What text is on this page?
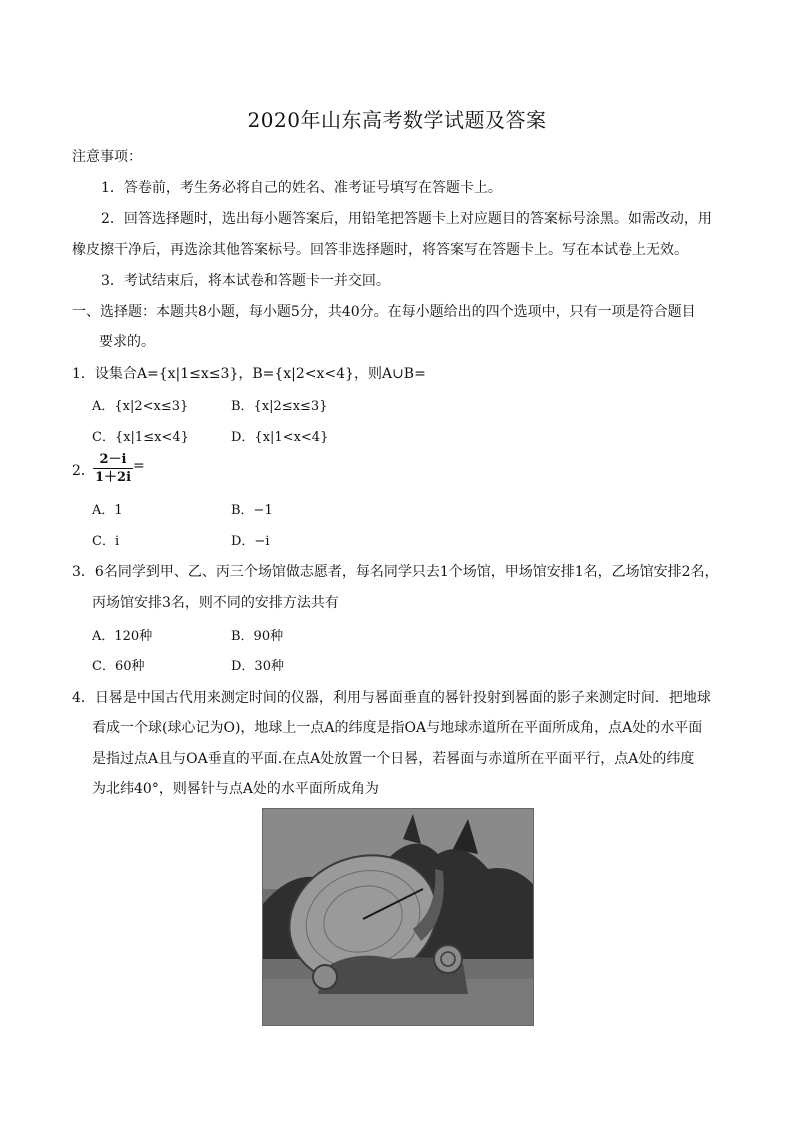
2020年山东高考数学试题及答案
注意事项：
1．答卷前，考生务必将自己的姓名、准考证号填写在答题卡上。
2．回答选择题时，选出每小题答案后，用铅笔把答题卡上对应题目的答案标号涂黑。如需改动，用
橡皮擦干净后，再选涂其他答案标号。回答非选择题时，将答案写在答题卡上。写在本试卷上无效。
3．考试结束后，将本试卷和答题卡一并交回。
一、选择题：本题共8小题，每小题5分，共40分。在每小题给出的四个选项中，只有一项是符合题目
要求的。
1．设集合A={x|1≤x≤3}，B={x|2<x<4}，则A∪B=
A．{x|2<x≤3}	B．{x|2≤x≤3}
C．{x|1≤x<4}	D．{x|1<x<4}
2．
$\frac{2-i}{1+2i}$ =
A．1	B．−1
C．i	D．−i
3．6名同学到甲、乙、丙三个场馆做志愿者，每名同学只去1个场馆，甲场馆安排1名，乙场馆安排2名，
丙场馆安排3名，则不同的安排方法共有
A．120种	B．90种
C．60种	D．30种
4．日晷是中国古代用来测定时间的仪器，利用与晷面垂直的晷针投射到晷面的影子来测定时间．把地球
看成一个球(球心记为O)，地球上一点A的纬度是指OA与地球赤道所在平面所成角，点A处的水平面
是指过点A且与OA垂直的平面.在点A处放置一个日晷，若晷面与赤道所在平面平行，点A处的纬度
为北纬40°，则晷针与点A处的水平面所成角为
